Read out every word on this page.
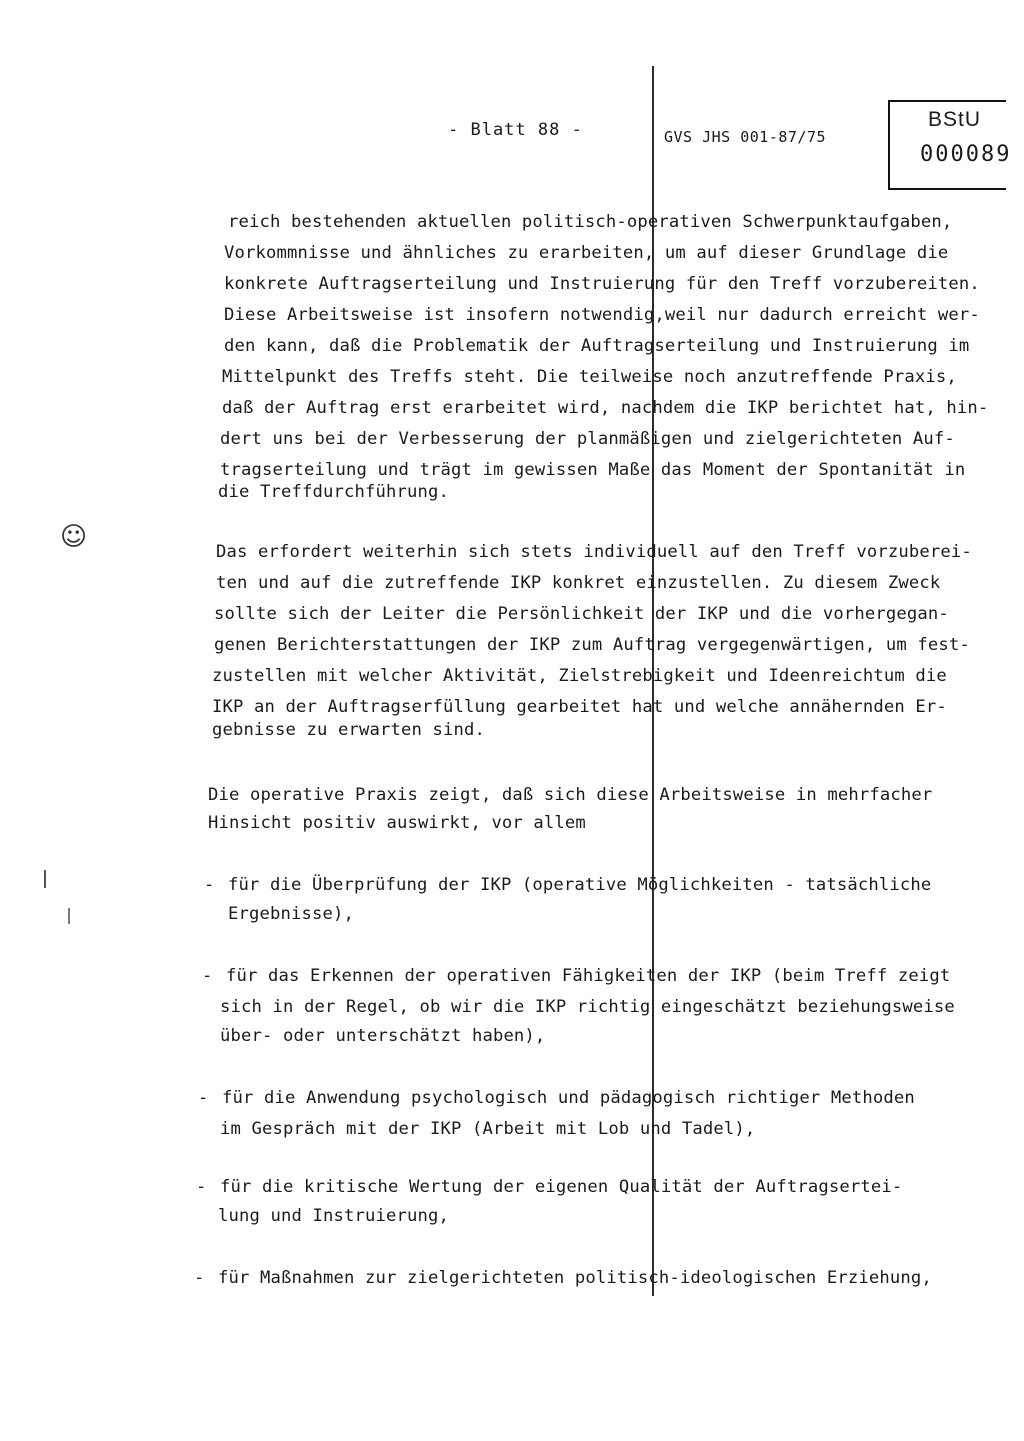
- Blatt 88 -	GVS JHS 001-87/75
BStU
000089
reich bestehenden aktuellen politisch-operativen Schwerpunktaufgaben,
Vorkommnisse und ähnliches zu erarbeiten, um auf dieser Grundlage die
konkrete Auftragserteilung und Instruierung für den Treff vorzubereiten.
Diese Arbeitsweise ist insofern notwendig,weil nur dadurch erreicht wer-
den kann, daß die Problematik der Auftragserteilung und Instruierung im
Mittelpunkt des Treffs steht. Die teilweise noch anzutreffende Praxis,
daß der Auftrag erst erarbeitet wird, nachdem die IKP berichtet hat, hin-
dert uns bei der Verbesserung der planmäßigen und zielgerichteten Auf-
tragserteilung und trägt im gewissen Maße das Moment der Spontanität in
die Treffdurchführung.
Das erfordert weiterhin sich stets individuell auf den Treff vorzuberei-
ten und auf die zutreffende IKP konkret einzustellen. Zu diesem Zweck
sollte sich der Leiter die Persönlichkeit der IKP und die vorhergegan-
genen Berichterstattungen der IKP zum Auftrag vergegenwärtigen, um fest-
zustellen mit welcher Aktivität, Zielstrebigkeit und Ideenreichtum die
IKP an der Auftragserfüllung gearbeitet hat und welche annähernden Er-
gebnisse zu erwarten sind.
Die operative Praxis zeigt, daß sich diese Arbeitsweise in mehrfacher
Hinsicht positiv auswirkt, vor allem
- für die Überprüfung der IKP (operative Möglichkeiten - tatsächliche
Ergebnisse),
- für das Erkennen der operativen Fähigkeiten der IKP (beim Treff zeigt
sich in der Regel, ob wir die IKP richtig eingeschätzt beziehungsweise
über- oder unterschätzt haben),
- für die Anwendung psychologisch und pädagogisch richtiger Methoden
im Gespräch mit der IKP (Arbeit mit Lob und Tadel),
- für die kritische Wertung der eigenen Qualität der Auftragsertei-
lung und Instruierung,
- für Maßnahmen zur zielgerichteten politisch-ideologischen Erziehung,
☺
